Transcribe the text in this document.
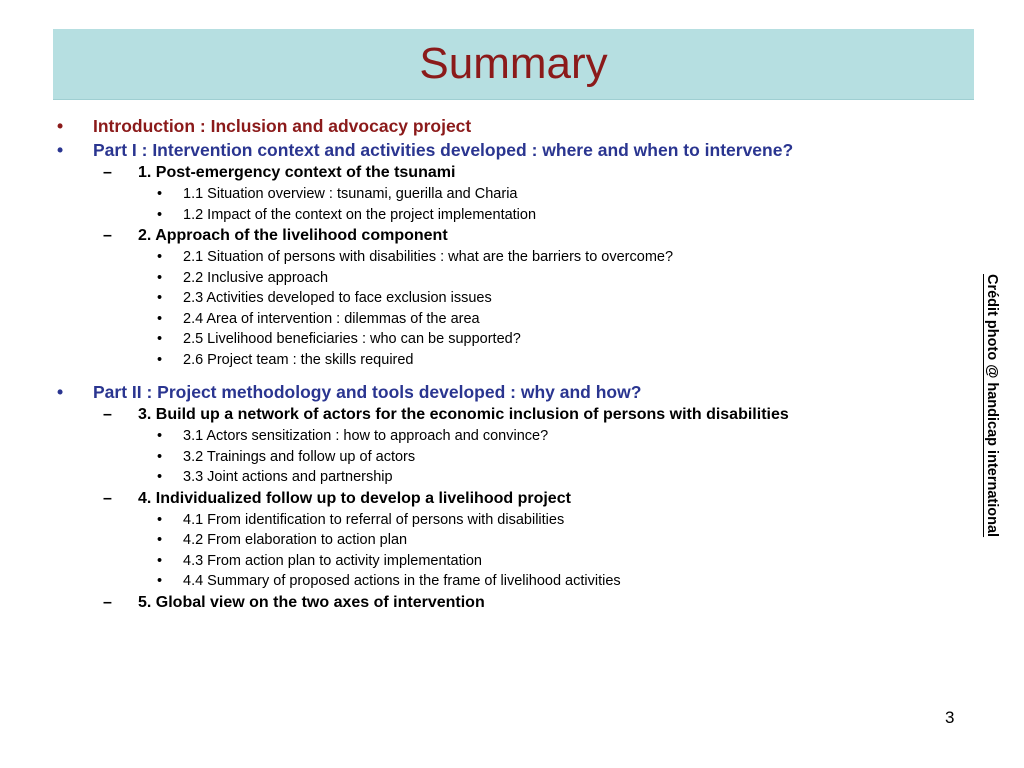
Summary
• Introduction : Inclusion and advocacy project
• Part I : Intervention context and activities developed : where and when to intervene?
– 1. Post-emergency context of the tsunami
• 1.1 Situation overview : tsunami, guerilla and Charia
• 1.2 Impact of the context on the project implementation
– 2. Approach of the livelihood component
• 2.1 Situation of persons with disabilities : what are the barriers to overcome?
• 2.2 Inclusive approach
• 2.3 Activities developed to face exclusion issues
• 2.4 Area of intervention : dilemmas of the area
• 2.5 Livelihood beneficiaries : who can be supported?
• 2.6 Project team : the skills required
• Part II : Project methodology and tools developed : why and how?
– 3. Build up a network of actors for the economic inclusion of persons with disabilities
• 3.1 Actors sensitization : how to approach and convince?
• 3.2 Trainings and follow up of actors
• 3.3 Joint actions and partnership
– 4. Individualized follow up to develop a livelihood project
• 4.1 From identification to referral of persons with disabilities
• 4.2 From elaboration to action plan
• 4.3 From action plan to activity implementation
• 4.4 Summary of proposed actions in the frame of livelihood activities
– 5. Global view on the two axes of intervention
Crédit photo @ handicap international
3
